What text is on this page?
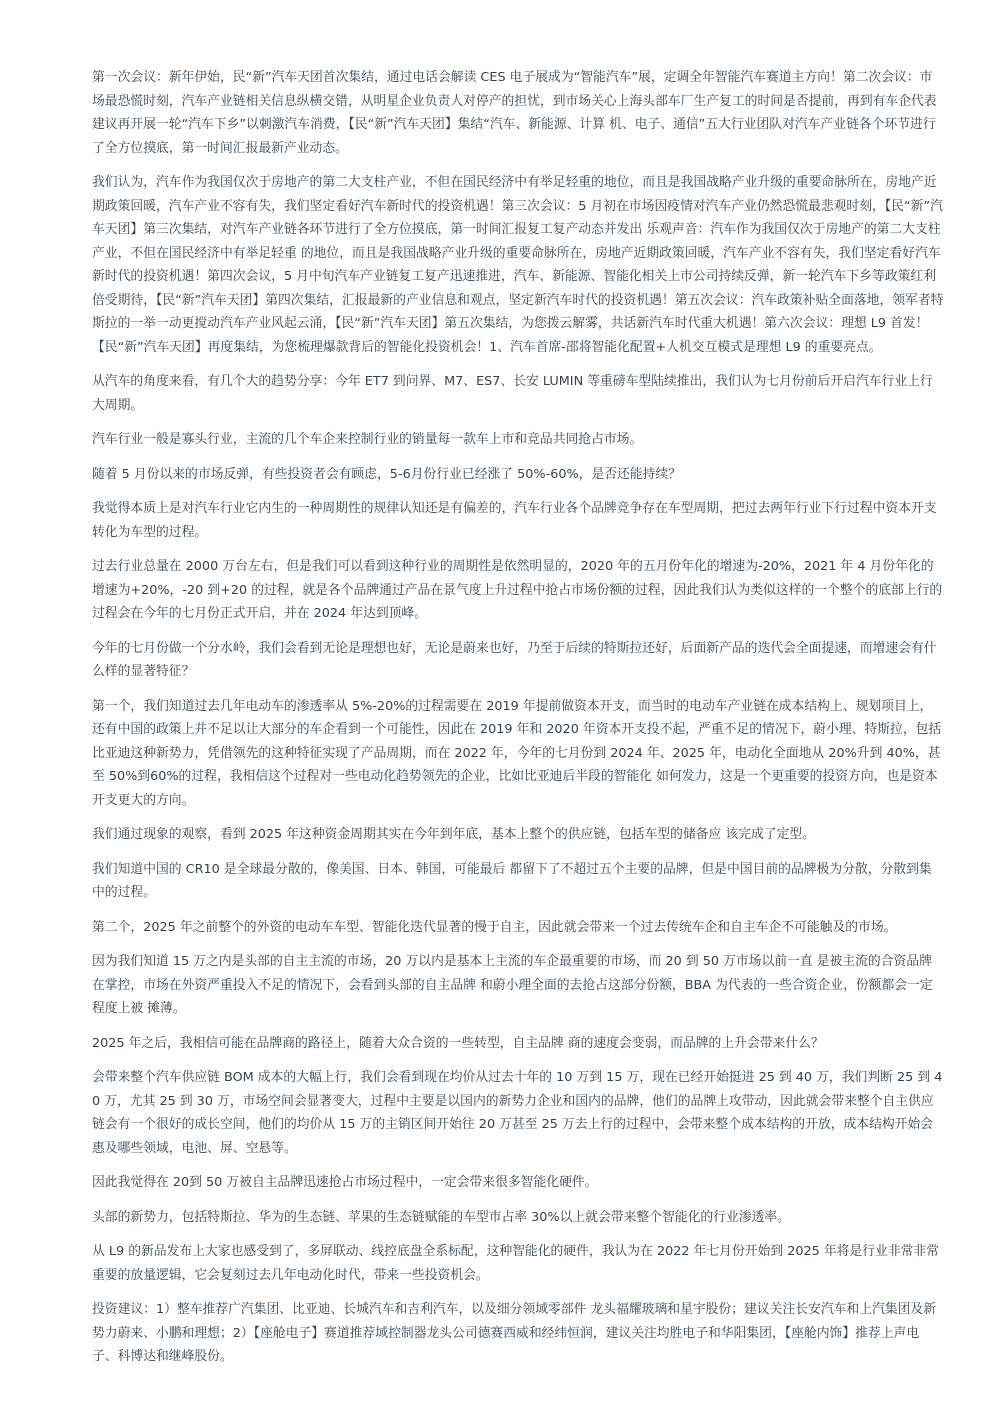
第一次会议：新年伊始，民“新”汽车天团首次集结，通过电话会解读 CES 电子展成为“智能汽车”展，定调全年智能汽车赛道主方向！第二次会议：市场最恐慌时刻，汽车产业链相关信息纵横交错，从明星企业负责人对停产的担忧，到市场关心上海头部车厂生产复工的时间是否提前，再到有车企代表建议再开展一轮“汽车下乡”以刺激汽车消费，【民“新”汽车天团】集结“汽车、新能源、计算 机、电子、通信”五大行业团队对汽车产业链各个环节进行了全方位摸底，第一时间汇报最新产业动态。

我们认为，汽车作为我国仅次于房地产的第二大支柱产业，不但在国民经济中有举足轻重的地位，而且是我国战略产业升级的重要命脉所在，房地产近期政策回暖，汽车产业不容有失，我们坚定看好汽车新时代的投资机遇！第三次会议：5 月初在市场因疫情对汽车产业仍然恐慌最悲观时刻，【民“新”汽车天团】第三次集结，对汽车产业链各环节进行了全方位摸底，第一时间汇报复工复产动态并发出 乐观声音：汽车作为我国仅次于房地产的第二大支柱产业，不但在国民经济中有举足轻重 的地位，而且是我国战略产业升级的重要命脉所在，房地产近期政策回暖，汽车产业不容有失，我们坚定看好汽车新时代的投资机遇！第四次会议，5 月中旬汽车产业链复工复产迅速推进，汽车、新能源、智能化相关上市公司持续反弹，新一轮汽车下乡等政策红利倍受期待，【民“新”汽车天团】第四次集结，汇报最新的产业信息和观点，坚定新汽车时代的投资机遇！第五次会议：汽车政策补贴全面落地，领军者特斯拉的一举一动更搅动汽车产业风起云涌，【民“新”汽车天团】第五次集结，为您拨云解雾，共话新汽车时代重大机遇！第六次会议：理想 L9 首发！【民“新”汽车天团】再度集结，为您梳理爆款背后的智能化投资机会！1、汽车首席-邵将智能化配置+人机交互模式是理想 L9 的重要亮点。

从汽车的角度来看，有几个大的趋势分享：今年 ET7 到问界、M7、ES7、长安 LUMIN 等重磅车型陆续推出，我们认为七月份前后开启汽车行业上行大周期。

汽车行业一般是寡头行业，主流的几个车企来控制行业的销量每一款车上市和竞品共同抢占市场。

随着 5 月份以来的市场反弹，有些投资者会有顾虑，5-6月份行业已经涨了 50%-60%，是否还能持续？

我觉得本质上是对汽车行业它内生的一种周期性的规律认知还是有偏差的，汽车行业各个品牌竞争存在车型周期，把过去两年行业下行过程中资本开支转化为车型的过程。

过去行业总量在 2000 万台左右，但是我们可以看到这种行业的周期性是依然明显的，2020 年的五月份年化的增速为-20%，2021 年 4 月份年化的增速为+20%，-20 到+20 的过程，就是各个品牌通过产品在景气度上升过程中抢占市场份额的过程，因此我们认为类似这样的一个整个的底部上行的过程会在今年的七月份正式开启，并在 2024 年达到顶峰。

今年的七月份做一个分水岭，我们会看到无论是理想也好，无论是蔚来也好，乃至于后续的特斯拉还好，后面新产品的迭代会全面提速，而增速会有什么样的显著特征？

第一个，我们知道过去几年电动车的渗透率从 5%-20%的过程需要在 2019 年提前做资本开支，而当时的电动车产业链在成本结构上、规划项目上，还有中国的政策上并不足以让大部分的车企看到一个可能性，因此在 2019 年和 2020 年资本开支投不起，严重不足的情况下，蔚小理、特斯拉，包括比亚迪这种新势力，凭借领先的这种特征实现了产品周期，而在 2022 年，今年的七月份到 2024 年、2025 年，电动化全面地从 20%升到 40%，甚至 50%到60%的过程，我相信这个过程对一些电动化趋势领先的企业，比如比亚迪后半段的智能化 如何发力，这是一个更重要的投资方向，也是资本开支更大的方向。

我们通过现象的观察，看到 2025 年这种资金周期其实在今年到年底，基本上整个的供应链，包括车型的储备应 该完成了定型。

我们知道中国的 CR10 是全球最分散的，像美国、日本、韩国，可能最后 都留下了不超过五个主要的品牌，但是中国目前的品牌极为分散，分散到集中的过程。

第二个，2025 年之前整个的外资的电动车车型、智能化迭代显著的慢于自主，因此就会带来一个过去传统车企和自主车企不可能触及的市场。

因为我们知道 15 万之内是头部的自主主流的市场，20 万以内是基本上主流的车企最重要的市场，而 20 到 50 万市场以前一直 是被主流的合资品牌在掌控，市场在外资严重投入不足的情况下，会看到头部的自主品牌 和蔚小理全面的去抢占这部分份额，BBA 为代表的一些合资企业，份额都会一定程度上被 摊薄。

2025 年之后，我相信可能在品牌商的路径上，随着大众合资的一些转型，自主品牌 商的速度会变弱，而品牌的上升会带来什么？

会带来整个汽车供应链 BOM 成本的大幅上行，我们会看到现在均价从过去十年的 10 万到 15 万，现在已经开始挺进 25 到 40 万，我们判断 25 到 40 万，尤其 25 到 30 万，市场空间会显著变大，过程中主要是以国内的新势力企业和国内的品牌，他们的品牌上攻带动，因此就会带来整个自主供应链会有一个很好的成长空间，他们的均价从 15 万的主销区间开始往 20 万甚至 25 万去上行的过程中，会带来整个成本结构的开放，成本结构开始会惠及哪些领域，电池、屏、空悬等。

因此我觉得在 20到 50 万被自主品牌迅速抢占市场过程中，一定会带来很多智能化硬件。

头部的新势力，包括特斯拉、华为的生态链、苹果的生态链赋能的车型市占率 30%以上就会带来整个智能化的行业渗透率。

从 L9 的新品发布上大家也感受到了，多屏联动、线控底盘全系标配，这种智能化的硬件，我认为在 2022 年七月份开始到 2025 年将是行业非常非常重要的放量逻辑，它会复刻过去几年电动化时代，带来一些投资机会。

投资建议：1）整车推荐广汽集团、比亚迪、长城汽车和吉利汽车，以及细分领域零部件 龙头福耀玻璃和星宇股份；建议关注长安汽车和上汽集团及新势力蔚来、小鹏和理想；2）【座舱电子】赛道推荐域控制器龙头公司德赛西威和经纬恒润，建议关注均胜电子和华阳集团，【座舱内饰】推荐上声电子、科博达和继峰股份。
